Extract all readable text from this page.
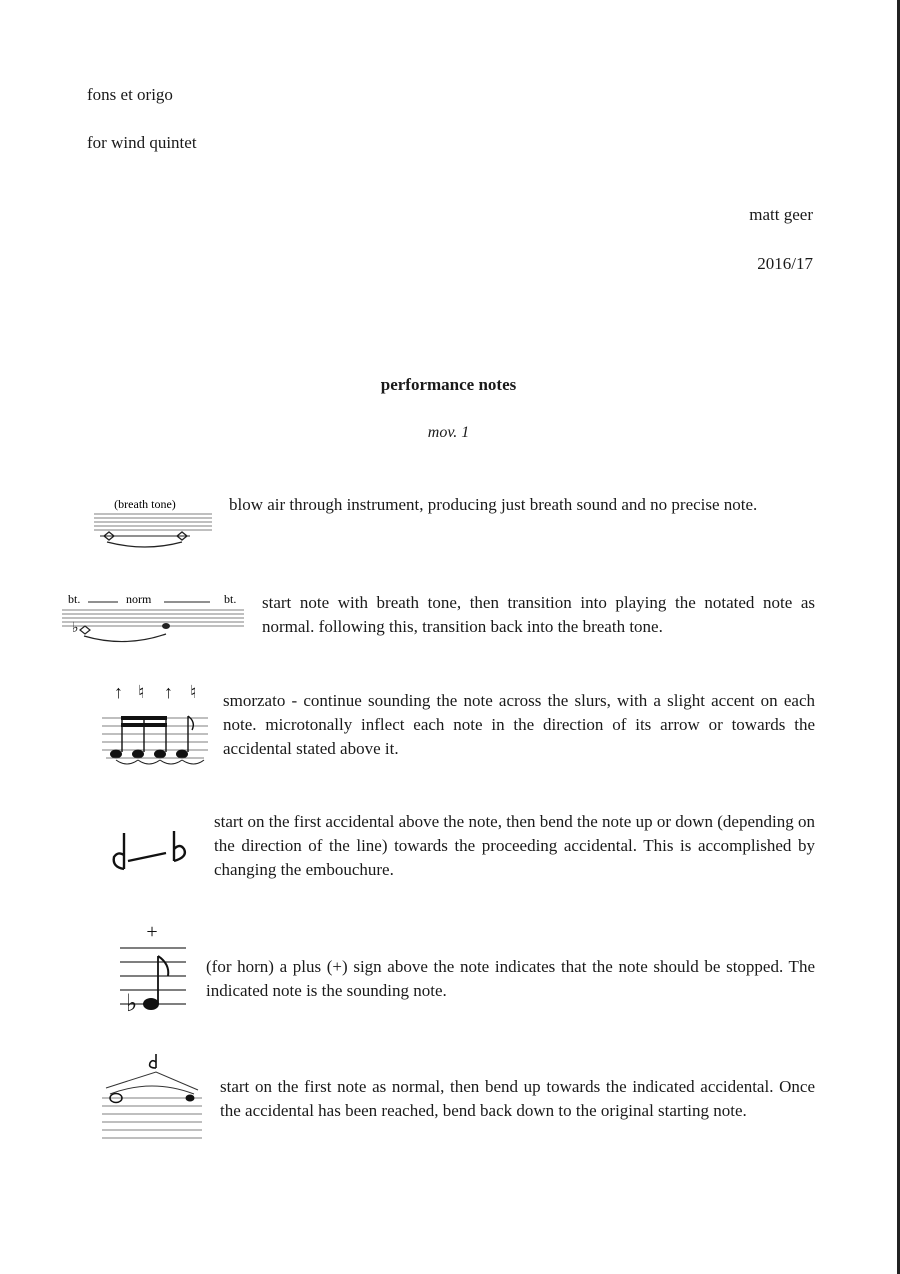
fons et origo
for wind quintet
matt geer
2016/17
performance notes
mov. 1
(breath tone)	blow air through instrument, producing just breath sound and no precise note.
bt.	norm	bt.
♭
start note with breath tone, then transition into playing the notated note as normal. following this, transition back into the breath tone.
↑ ♮ ↑ ♮ smorzato - continue sounding the note across the slurs, with a slight accent on each note. microtonally inflect each note in the direction of its arrow or towards the accidental stated above it.
start on the first accidental above the note, then bend the note up or down (depending on the direction of the line) towards the proceeding accidental. This is accomplished by changing the embouchure.
+
♭
(for horn) a plus (+) sign above the note indicates that the note should be stopped. The indicated note is the sounding note.
start on the first note as normal, then bend up towards the indicated accidental. Once the accidental has been reached, bend back down to the original starting note.
